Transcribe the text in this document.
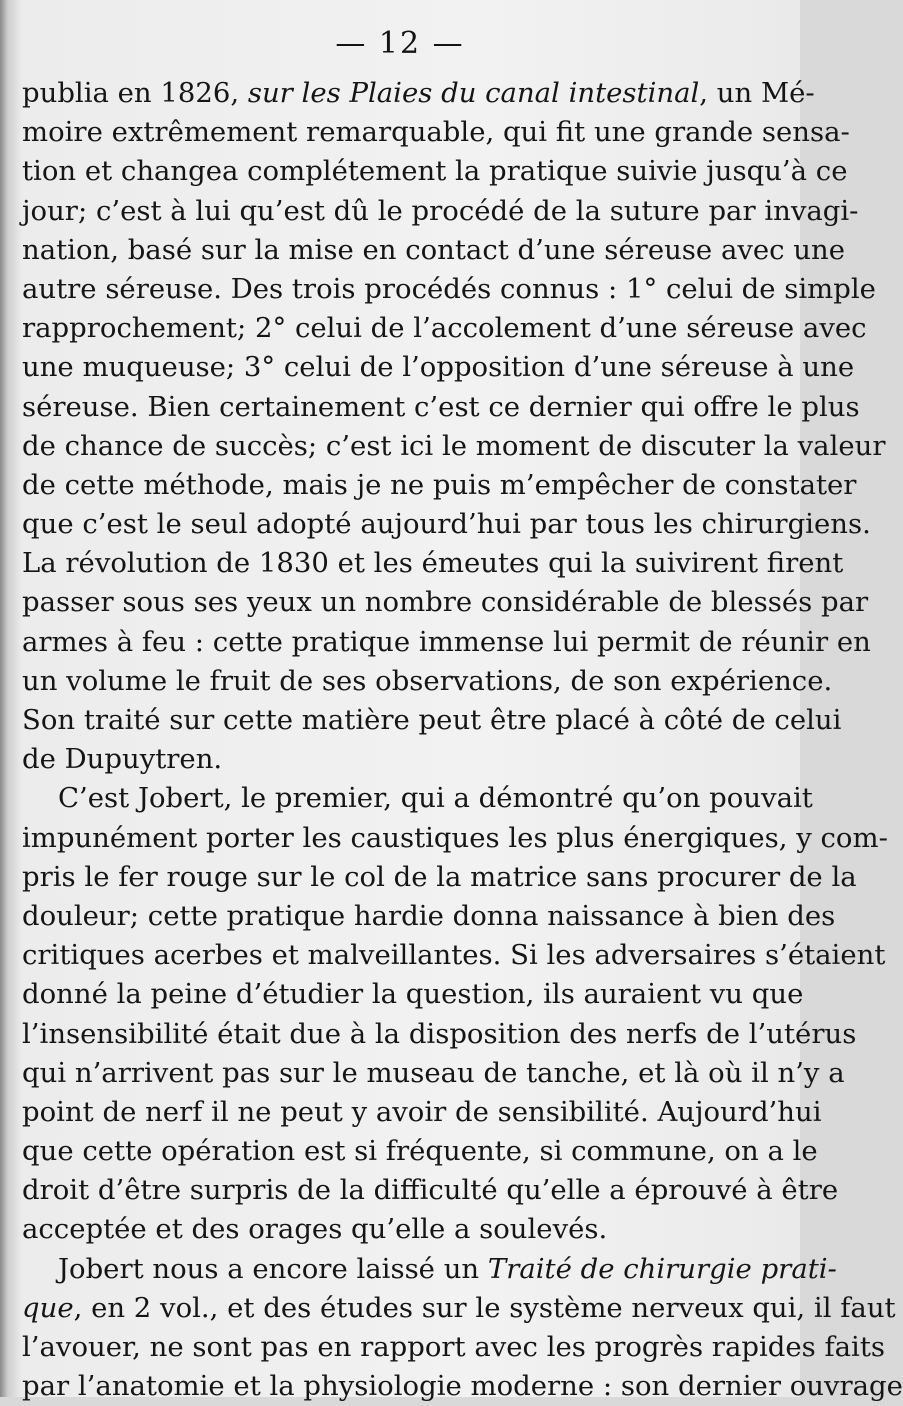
— 12 —
publia en 1826, sur les Plaies du canal intestinal, un Mé-
moire extrêmement remarquable, qui fit une grande sensa-
tion et changea complétement la pratique suivie jusqu’à ce
jour; c’est à lui qu’est dû le procédé de la suture par invagi-
nation, basé sur la mise en contact d’une séreuse avec une
autre séreuse. Des trois procédés connus : 1° celui de simple
rapprochement; 2° celui de l’accolement d’une séreuse avec
une muqueuse; 3° celui de l’opposition d’une séreuse à une
séreuse. Bien certainement c’est ce dernier qui offre le plus
de chance de succès; c’est ici le moment de discuter la valeur
de cette méthode, mais je ne puis m’empêcher de constater
que c’est le seul adopté aujourd’hui par tous les chirurgiens.
La révolution de 1830 et les émeutes qui la suivirent firent
passer sous ses yeux un nombre considérable de blessés par
armes à feu : cette pratique immense lui permit de réunir en
un volume le fruit de ses observations, de son expérience.
Son traité sur cette matière peut être placé à côté de celui
de Dupuytren.
C’est Jobert, le premier, qui a démontré qu’on pouvait
impunément porter les caustiques les plus énergiques, y com-
pris le fer rouge sur le col de la matrice sans procurer de la
douleur; cette pratique hardie donna naissance à bien des
critiques acerbes et malveillantes. Si les adversaires s’étaient
donné la peine d’étudier la question, ils auraient vu que
l’insensibilité était due à la disposition des nerfs de l’utérus
qui n’arrivent pas sur le museau de tanche, et là où il n’y a
point de nerf il ne peut y avoir de sensibilité. Aujourd’hui
que cette opération est si fréquente, si commune, on a le
droit d’être surpris de la difficulté qu’elle a éprouvé à être
acceptée et des orages qu’elle a soulevés.
Jobert nous a encore laissé un Traité de chirurgie prati-
que, en 2 vol., et des études sur le système nerveux qui, il faut
l’avouer, ne sont pas en rapport avec les progrès rapides faits
par l’anatomie et la physiologie moderne : son dernier ouvrage
